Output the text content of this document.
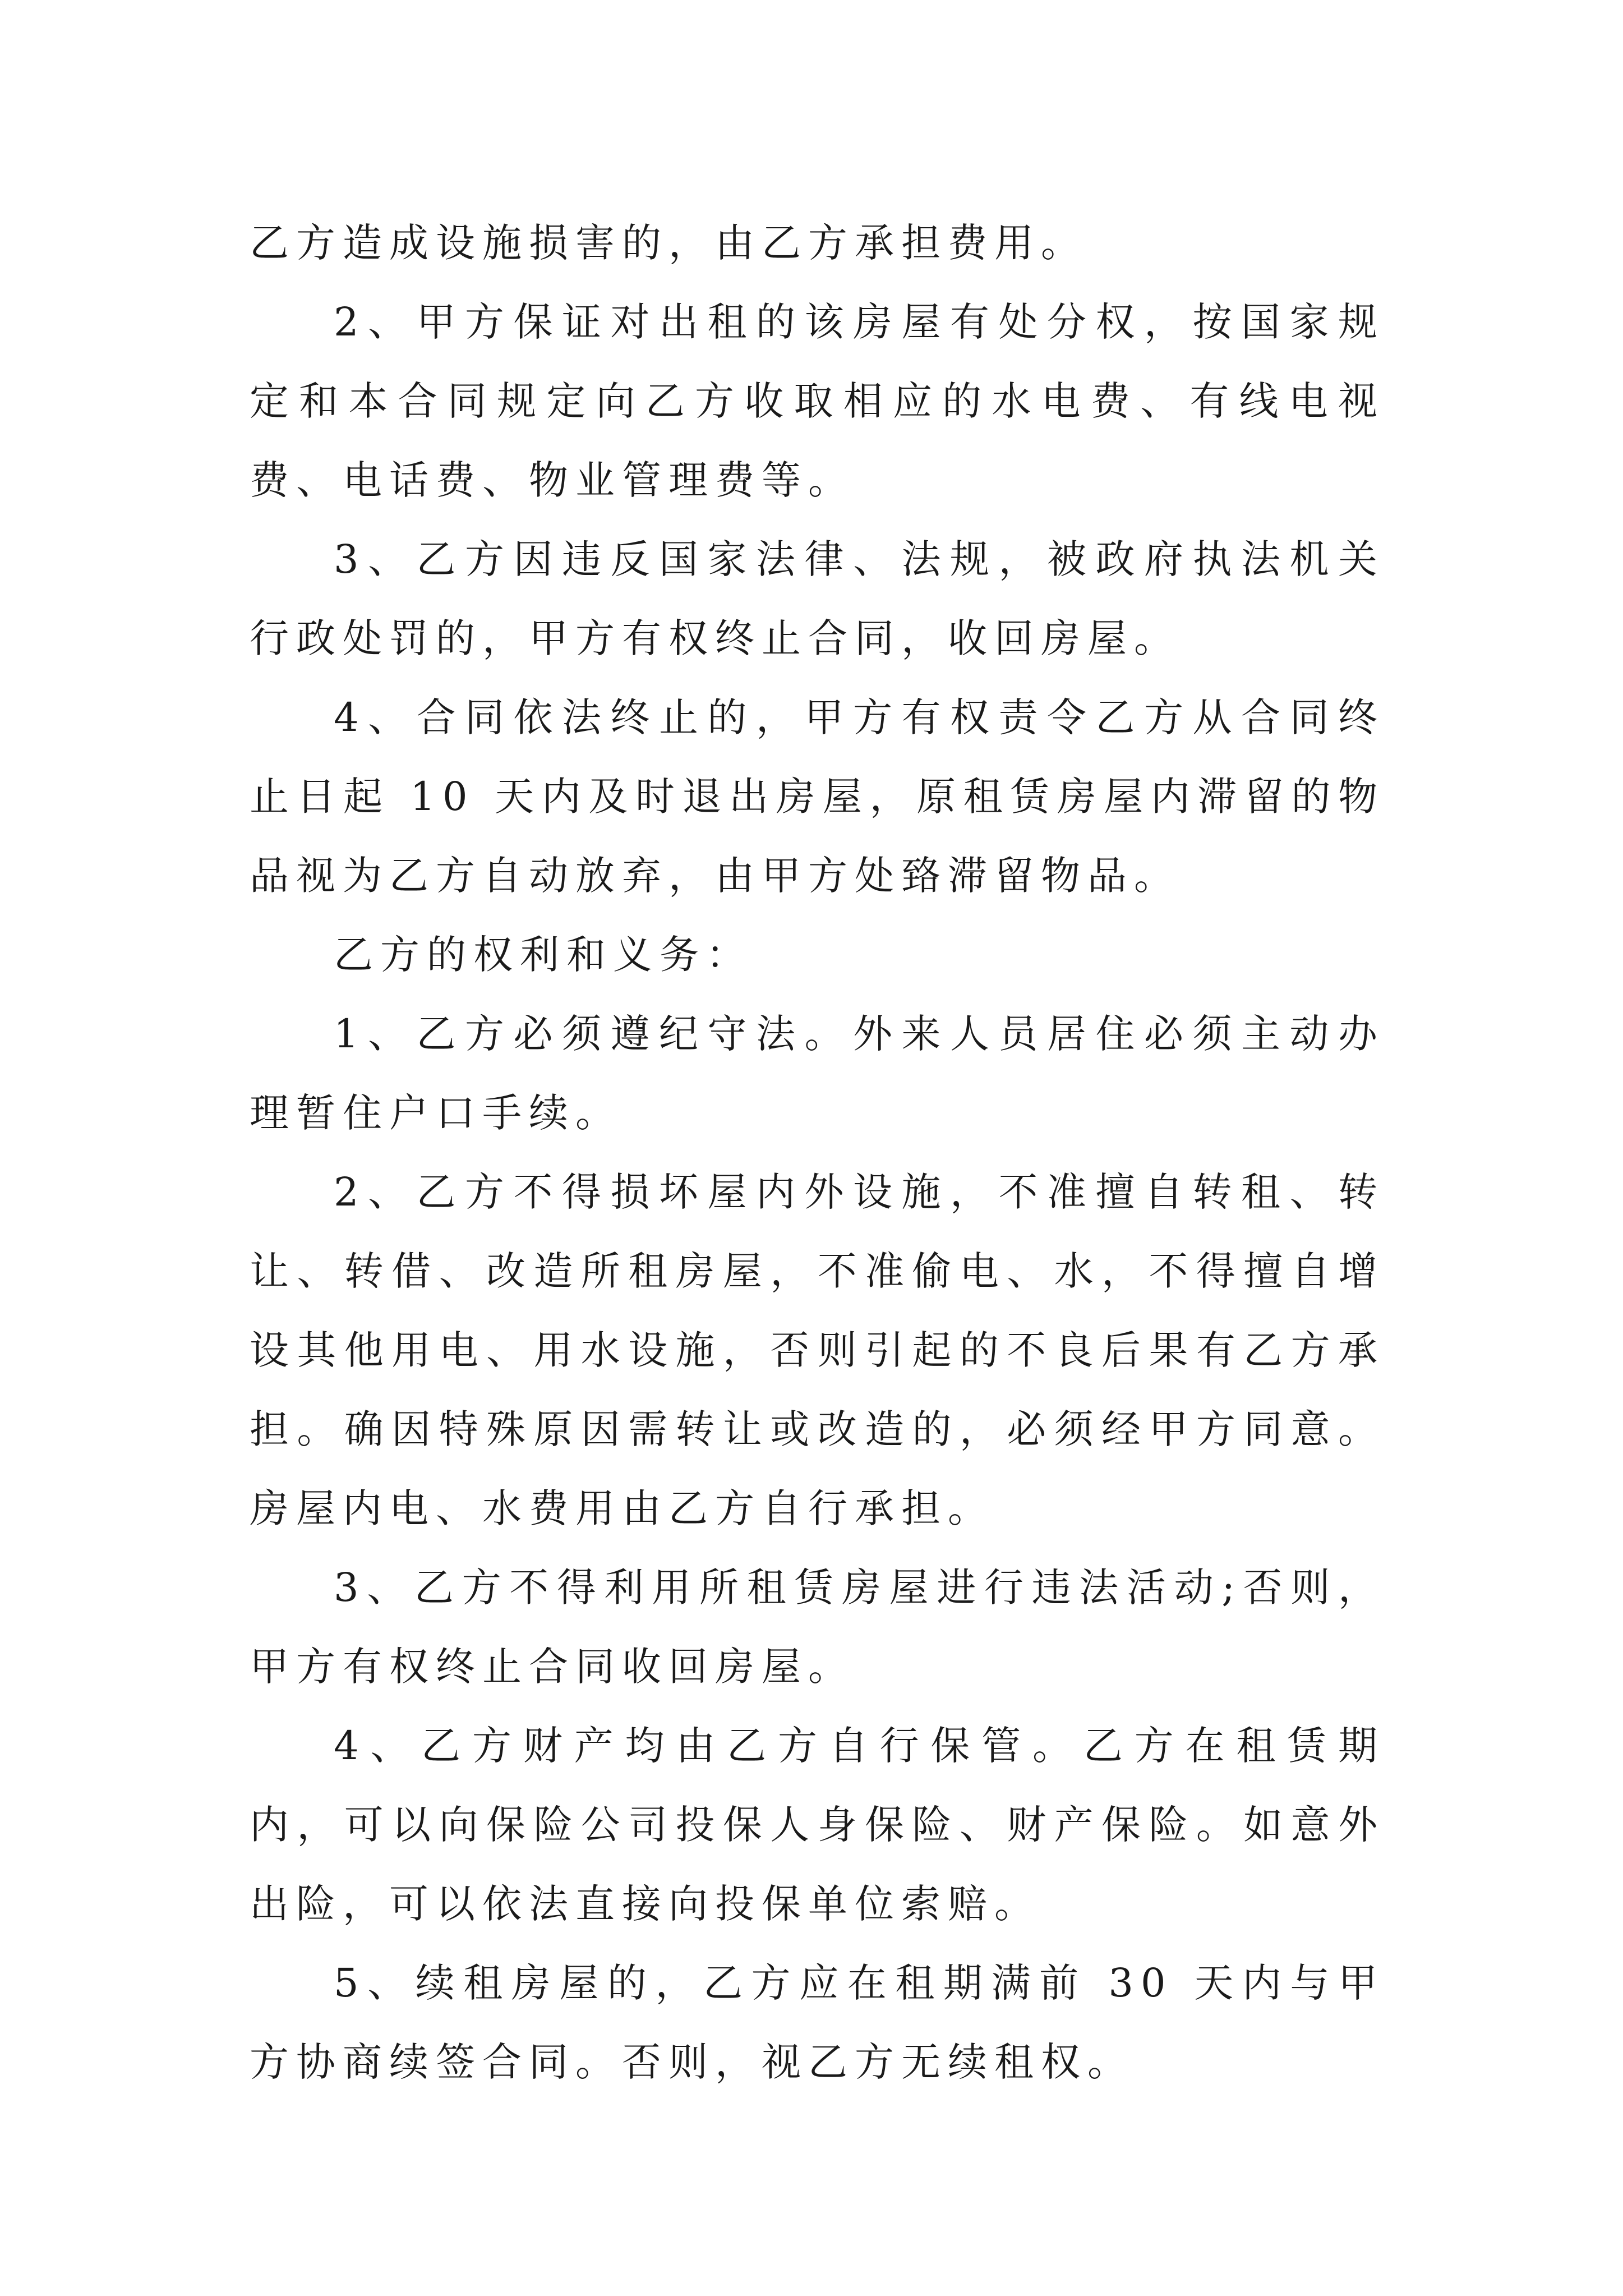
乙方造成设施损害的，由乙方承担费用。

2、甲方保证对出租的该房屋有处分权，按国家规定和本合同规定向乙方收取相应的水电费、有线电视费、电话费、物业管理费等。

3、乙方因违反国家法律、法规，被政府执法机关行政处罚的，甲方有权终止合同，收回房屋。

4、合同依法终止的，甲方有权责令乙方从合同终止日起 10 天内及时退出房屋，原租赁房屋内滞留的物品视为乙方自动放弃，由甲方处臵滞留物品。

乙方的权利和义务：

1、乙方必须遵纪守法。外来人员居住必须主动办理暂住户口手续。

2、乙方不得损坏屋内外设施，不准擅自转租、转让、转借、改造所租房屋，不准偷电、水，不得擅自增设其他用电、用水设施，否则引起的不良后果有乙方承担。确因特殊原因需转让或改造的，必须经甲方同意。房屋内电、水费用由乙方自行承担。

3、乙方不得利用所租赁房屋进行违法活动;否则，甲方有权终止合同收回房屋。

4、乙方财产均由乙方自行保管。乙方在租赁期内，可以向保险公司投保人身保险、财产保险。如意外出险，可以依法直接向投保单位索赔。

5、续租房屋的，乙方应在租期满前 30 天内与甲方协商续签合同。否则，视乙方无续租权。
